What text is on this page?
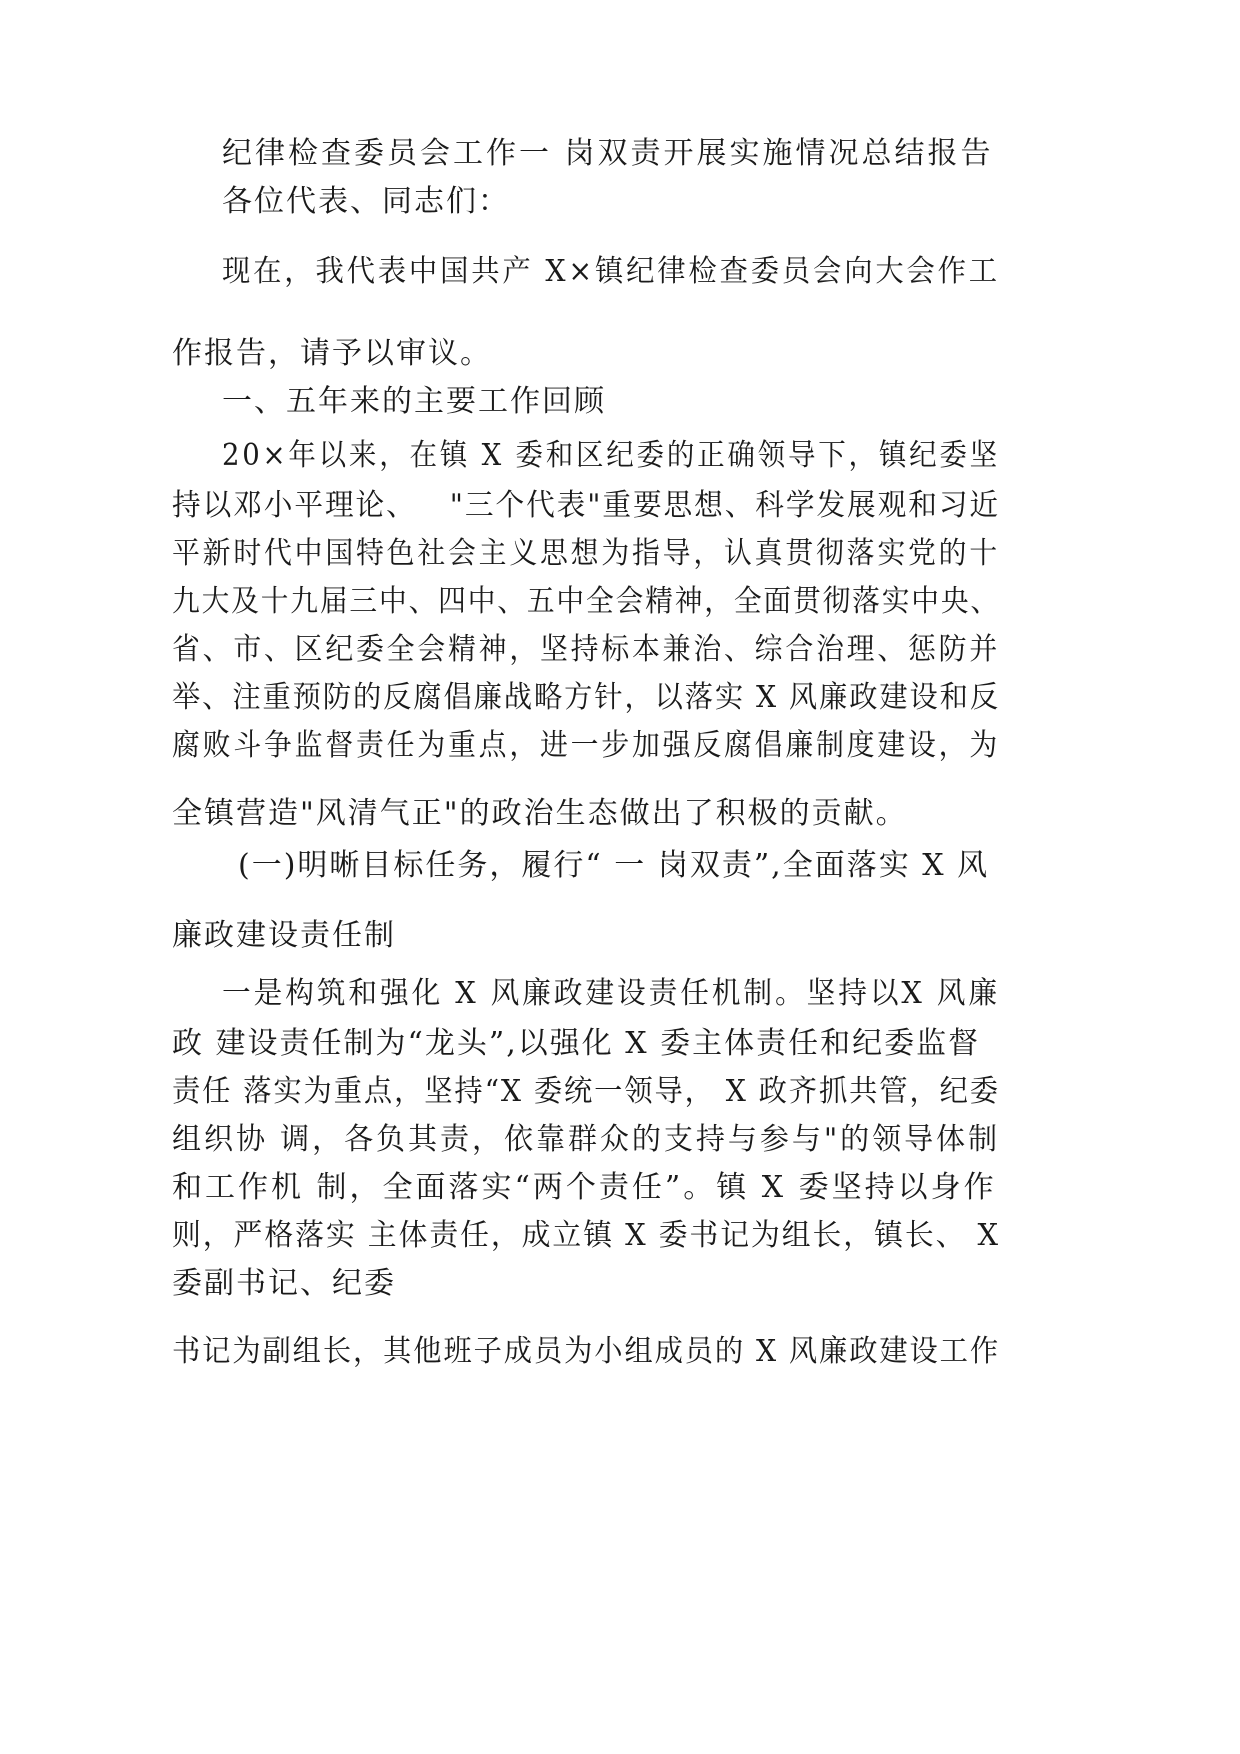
纪律检查委员会工作一 岗双责开展实施情况总结报告
各位代表、同志们：
现在，我代表中国共产 X×镇纪律检查委员会向大会作工
作报告，请予以审议。
一、五年来的主要工作回顾
20×年以来，在镇 X 委和区纪委的正确领导下，镇纪委坚
持以邓小平理论、   "三个代表"重要思想、科学发展观和习近
平新时代中国特色社会主义思想为指导，认真贯彻落实党的十
九大及十九届三中、四中、五中全会精神，全面贯彻落实中央、
省、市、区纪委全会精神，坚持标本兼治、综合治理、惩防并
举、注重预防的反腐倡廉战略方针，以落实 X 风廉政建设和反
腐败斗争监督责任为重点，进一步加强反腐倡廉制度建设，为
全镇营造"风清气正"的政治生态做出了积极的贡献。
(一)明晰目标任务，履行“ 一 岗双责”,全面落实 X 风
廉政建设责任制
一是构筑和强化 X 风廉政建设责任机制。坚持以X 风廉
政 建设责任制为“龙头”,以强化 X 委主体责任和纪委监督
责任 落实为重点，坚持“X 委统一领导， X 政齐抓共管，纪委
组织协 调，各负其责，依靠群众的支持与参与"的领导体制
和工作机 制，全面落实“两个责任”。镇 X 委坚持以身作
则，严格落实 主体责任，成立镇 X 委书记为组长，镇长、 X
委副书记、纪委
书记为副组长，其他班子成员为小组成员的 X 风廉政建设工作
